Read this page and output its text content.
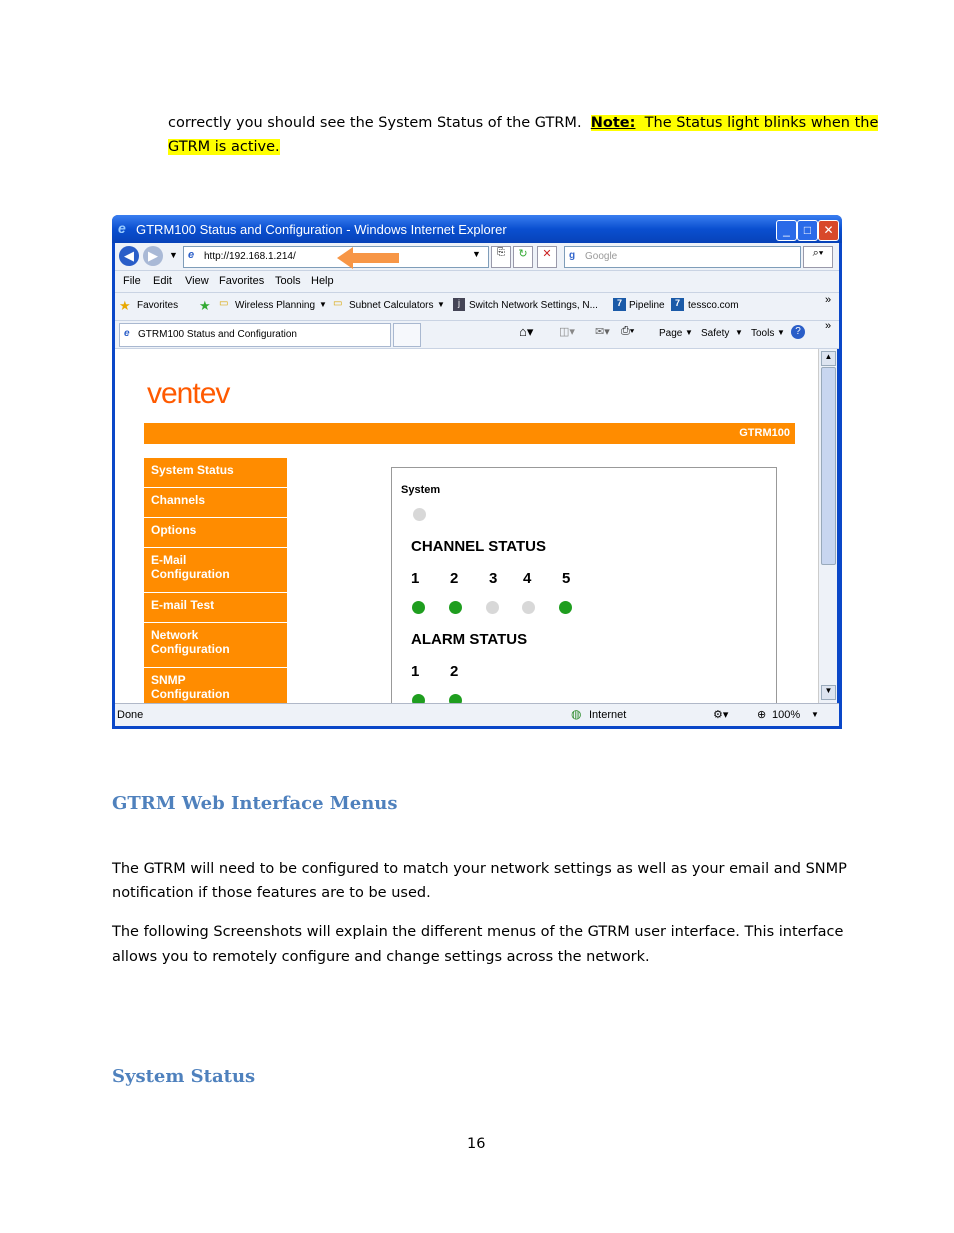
correctly you should see the System Status of the GTRM. Note: The Status light blinks when the
GTRM is active.
e GTRM100 Status and Configuration - Windows Internet Explorer	_	□	✕
◀	▶	▼ e http://192.168.1.214/	▼	⎘	↻	✕	g Google	⌕▾
File Edit View Favorites Tools Help
★ Favorites ★ ▭ Wireless Planning ▼ ▭ Subnet Calculators ▼	j Switch Network Settings, N...	7 Pipeline	7 tessco.com	»
e GTRM100 Status and Configuration	⌂▾ ◫▾ ✉▾ ⎙▾ Page ▼ Safety ▼ Tools ▼	?	»
ventev
GTRM100
System Status
Channels
Options
E-Mail Configuration
E-mail Test
Network Configuration
SNMP Configuration
System
CHANNEL STATUS
1 2 3 4 5
ALARM STATUS
1 2
▲
▼
Done	◍ Internet	⚙▾	⊕ 100% ▼
GTRM Web Interface Menus
The GTRM will need to be configured to match your network settings as well as your email and SNMP
notification if those features are to be used.
The following Screenshots will explain the different menus of the GTRM user interface. This interface
allows you to remotely configure and change settings across the network.
System Status
16
